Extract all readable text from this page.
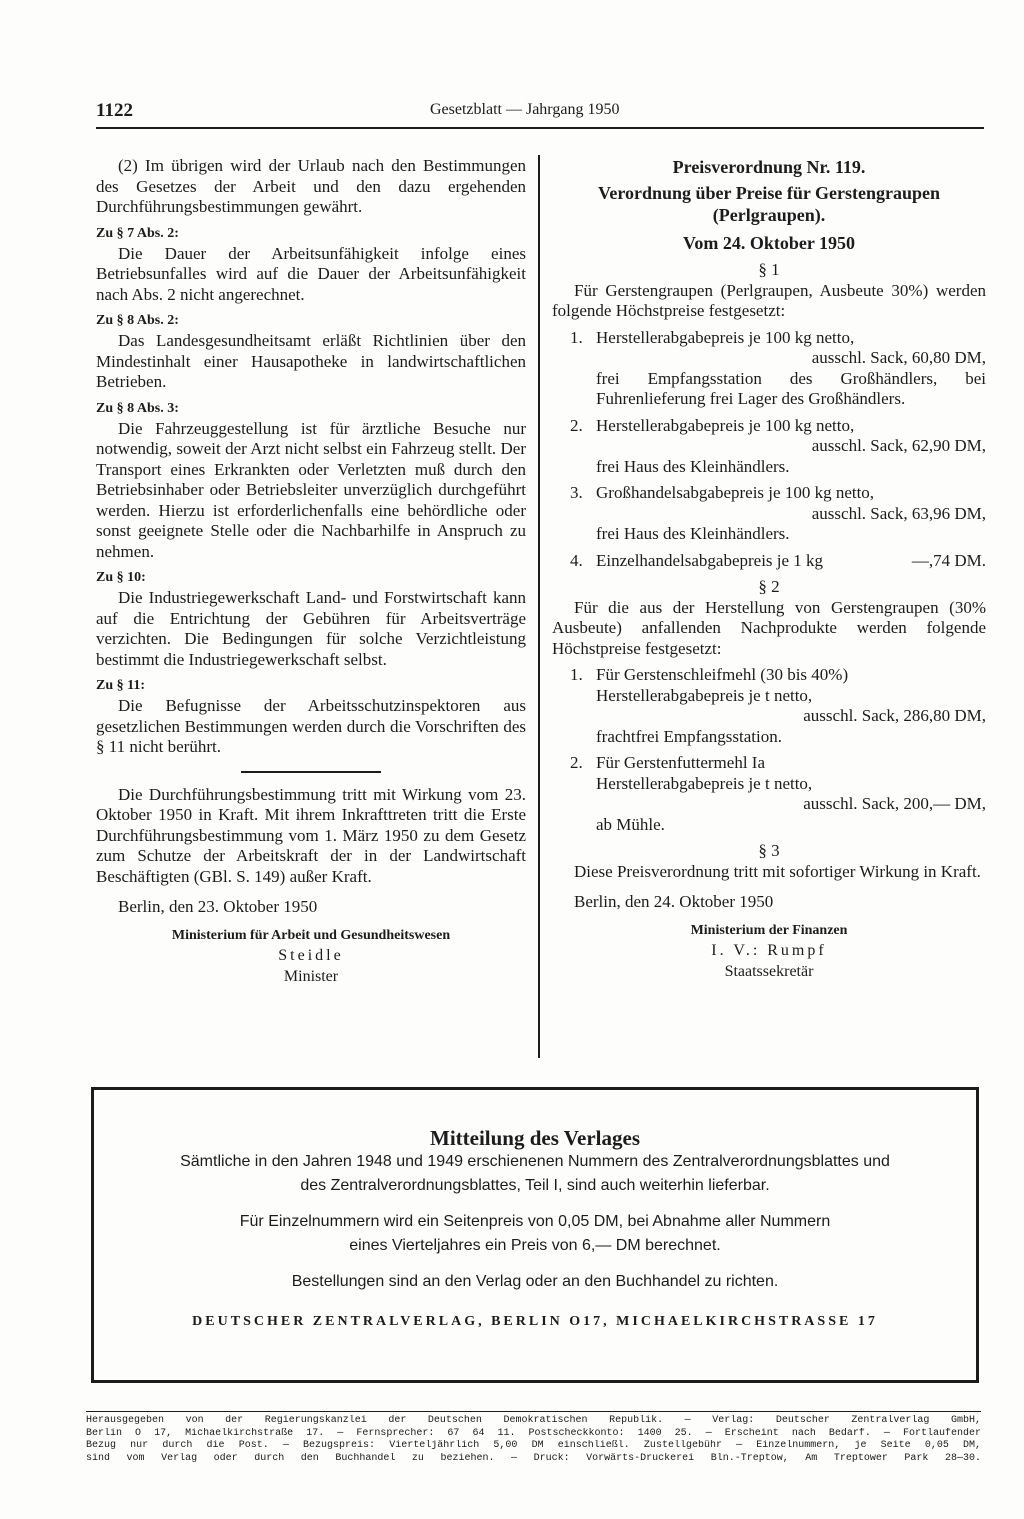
1122	Gesetzblatt — Jahrgang 1950

(2) Im übrigen wird der Urlaub nach den Bestimmungen des Gesetzes der Arbeit und den dazu ergehenden Durchführungsbestimmungen gewährt.

Zu § 7 Abs. 2:

Die Dauer der Arbeitsunfähigkeit infolge eines Betriebsunfalles wird auf die Dauer der Arbeitsunfähigkeit nach Abs. 2 nicht angerechnet.

Zu § 8 Abs. 2:

Das Landesgesundheitsamt erläßt Richtlinien über den Mindestinhalt einer Hausapotheke in landwirtschaftlichen Betrieben.

Zu § 8 Abs. 3:

Die Fahrzeuggestellung ist für ärztliche Besuche nur notwendig, soweit der Arzt nicht selbst ein Fahrzeug stellt. Der Transport eines Erkrankten oder Verletzten muß durch den Betriebsinhaber oder Betriebsleiter unverzüglich durchgeführt werden. Hierzu ist erforderlichenfalls eine behördliche oder sonst geeignete Stelle oder die Nachbarhilfe in Anspruch zu nehmen.

Zu § 10:

Die Industriegewerkschaft Land- und Forstwirtschaft kann auf die Entrichtung der Gebühren für Arbeitsverträge verzichten. Die Bedingungen für solche Verzichtleistung bestimmt die Industriegewerkschaft selbst.

Zu § 11:

Die Befugnisse der Arbeitsschutzinspektoren aus gesetzlichen Bestimmungen werden durch die Vorschriften des § 11 nicht berührt.

Die Durchführungsbestimmung tritt mit Wirkung vom 23. Oktober 1950 in Kraft. Mit ihrem Inkrafttreten tritt die Erste Durchführungsbestimmung vom 1. März 1950 zu dem Gesetz zum Schutze der Arbeitskraft der in der Landwirtschaft Beschäftigten (GBl. S. 149) außer Kraft.

Berlin, den 23. Oktober 1950

Ministerium für Arbeit und Gesundheitswesen

Steidle

Minister

Preisverordnung Nr. 119.

Verordnung über Preise für Gerstengraupen (Perlgraupen).

Vom 24. Oktober 1950

§ 1

Für Gerstengraupen (Perlgraupen, Ausbeute 30%) werden folgende Höchstpreise festgesetzt:

1. Herstellerabgabepreis je 100 kg netto,

ausschl. Sack, 60,80 DM,

frei Empfangsstation des Großhändlers, bei Fuhrenlieferung frei Lager des Großhändlers.

2. Herstellerabgabepreis je 100 kg netto,

ausschl. Sack, 62,90 DM,

frei Haus des Kleinhändlers.

3. Großhandelsabgabepreis je 100 kg netto,

ausschl. Sack, 63,96 DM,

frei Haus des Kleinhändlers.

4. Einzelhandelsabgabepreis je 1 kg	—,74 DM.

§ 2

Für die aus der Herstellung von Gerstengraupen (30% Ausbeute) anfallenden Nachprodukte werden folgende Höchstpreise festgesetzt:

1. Für Gerstenschleifmehl (30 bis 40%)

Herstellerabgabepreis je t netto,

ausschl. Sack, 286,80 DM,

frachtfrei Empfangsstation.

2. Für Gerstenfuttermehl Ia

Herstellerabgabepreis je t netto,

ausschl. Sack, 200,— DM,

ab Mühle.

§ 3

Diese Preisverordnung tritt mit sofortiger Wirkung in Kraft.

Berlin, den 24. Oktober 1950

Ministerium der Finanzen

I. V.: Rumpf

Staatssekretär

Mitteilung des Verlages

Sämtliche in den Jahren 1948 und 1949 erschienenen Nummern des Zentralverordnungsblattes und

des Zentralverordnungsblattes, Teil I, sind auch weiterhin lieferbar.

Für Einzelnummern wird ein Seitenpreis von 0,05 DM, bei Abnahme aller Nummern

eines Vierteljahres ein Preis von 6,— DM berechnet.

Bestellungen sind an den Verlag oder an den Buchhandel zu richten.

DEUTSCHER ZENTRALVERLAG, BERLIN O17, MICHAELKIRCHSTRASSE 17

Herausgegeben von der Regierungskanzlei der Deutschen Demokratischen Republik. — Verlag: Deutscher Zentralverlag GmbH,
Berlin O 17, Michaelkirchstraße 17. — Fernsprecher: 67 64 11. Postscheckkonto: 1400 25. — Erscheint nach Bedarf. — Fortlaufender
Bezug nur durch die Post. — Bezugspreis: Vierteljährlich 5,00 DM einschließl. Zustellgebühr — Einzelnummern, je Seite 0,05 DM,
sind vom Verlag oder durch den Buchhandel zu beziehen. — Druck: Vorwärts-Druckerei Bln.-Treptow, Am Treptower Park 28—30.
